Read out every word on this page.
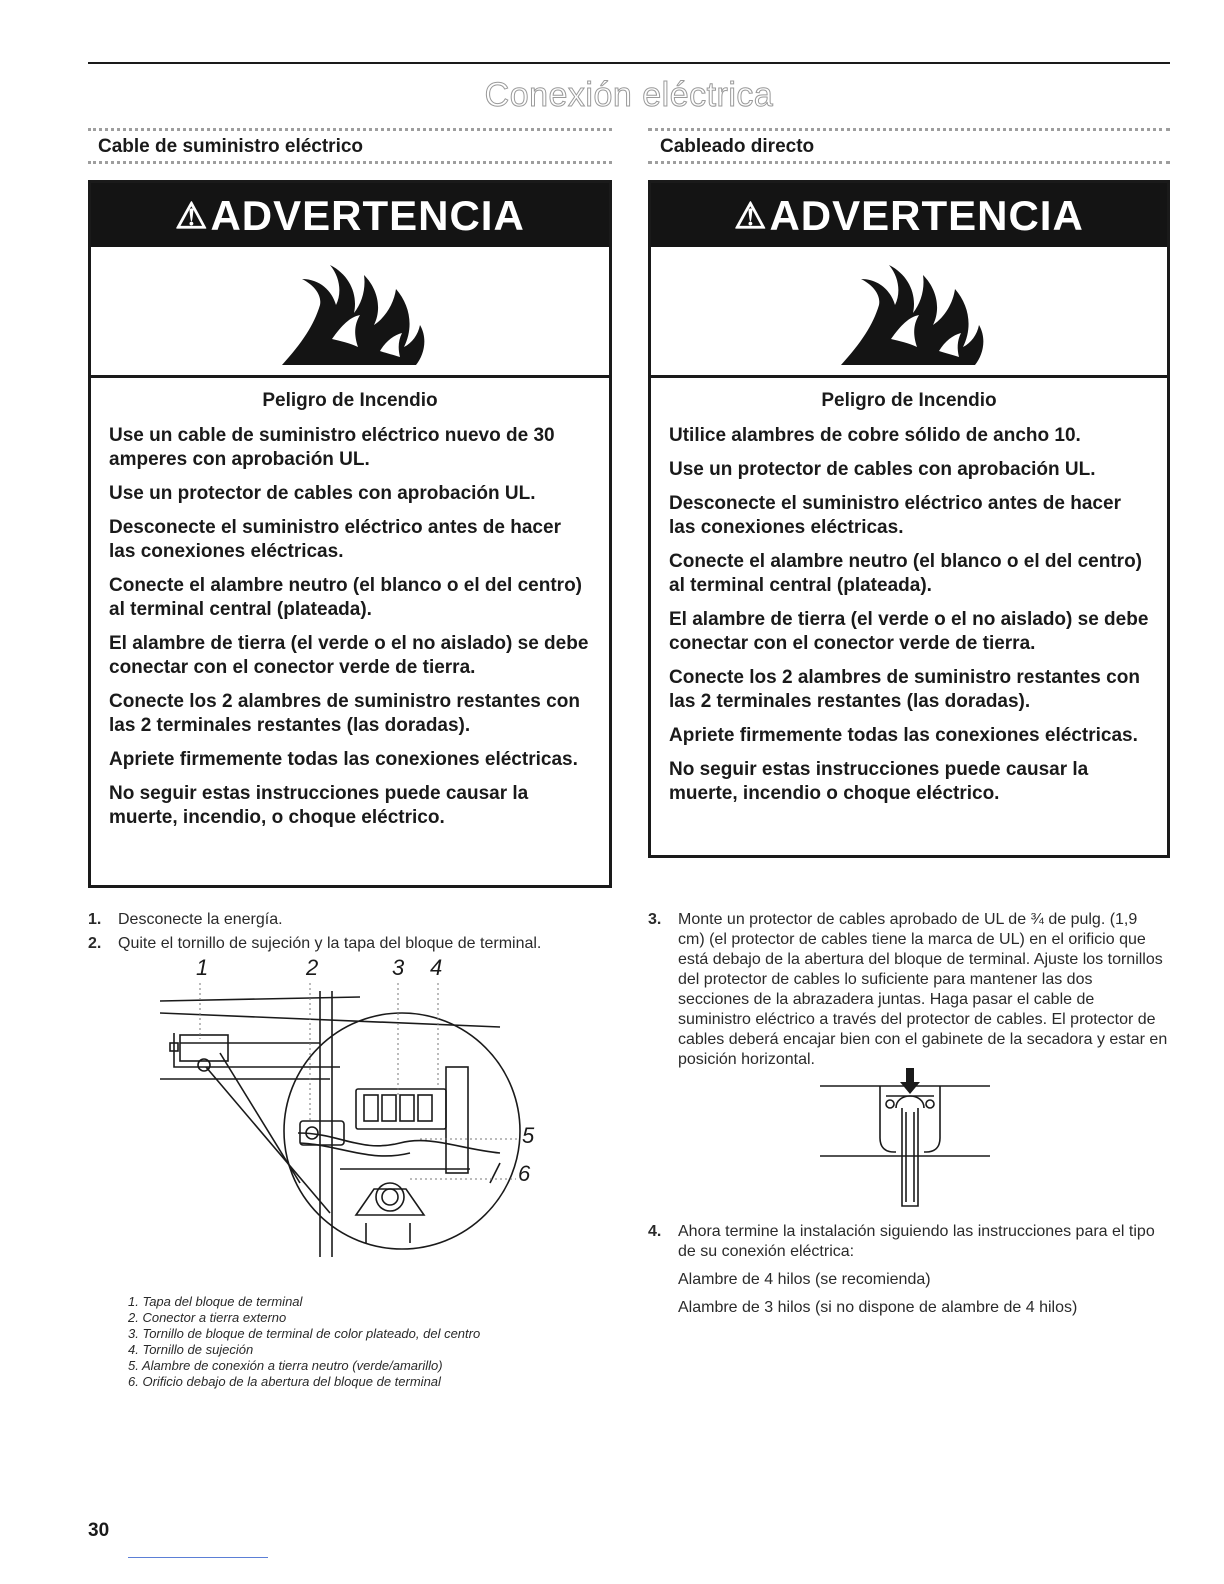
Conexión eléctrica
Cable de suministro eléctrico	Cableado directo
⚠ADVERTENCIA
Peligro de Incendio
Use un cable de suministro eléctrico nuevo de 30 amperes con aprobación UL.
Use un protector de cables con aprobación UL.
Desconecte el suministro eléctrico antes de hacer las conexiones eléctricas.
Conecte el alambre neutro (el blanco o el del centro) al terminal central (plateada).
El alambre de tierra (el verde o el no aislado) se debe conectar con el conector verde de tierra.
Conecte los 2 alambres de suministro restantes con las 2 terminales restantes (las doradas).
Apriete firmemente todas las conexiones eléctricas.
No seguir estas instrucciones puede causar la muerte, incendio, o choque eléctrico.
⚠ADVERTENCIA
Peligro de Incendio
Utilice alambres de cobre sólido de ancho 10.
Use un protector de cables con aprobación UL.
Desconecte el suministro eléctrico antes de hacer las conexiones eléctricas.
Conecte el alambre neutro (el blanco o el del centro) al terminal central (plateada).
El alambre de tierra (el verde o el no aislado) se debe conectar con el conector verde de tierra.
Conecte los 2 alambres de suministro restantes con las 2 terminales restantes (las doradas).
Apriete firmemente todas las conexiones eléctricas.
No seguir estas instrucciones puede causar la muerte, incendio o choque eléctrico.
1. Desconecte la energía.
2. Quite el tornillo de sujeción y la tapa del bloque de terminal.
1	2	3 4
5
6
1. Tapa del bloque de terminal
2. Conector a tierra externo
3. Tornillo de bloque de terminal de color plateado, del centro
4. Tornillo de sujeción
5. Alambre de conexión a tierra neutro (verde/amarillo)
6. Orificio debajo de la abertura del bloque de terminal
3. Monte un protector de cables aprobado de UL de ¾ de pulg. (1,9 cm) (el protector de cables tiene la marca de UL) en el orificio que está debajo de la abertura del bloque de terminal. Ajuste los tornillos del protector de cables lo suficiente para mantener las dos secciones de la abrazadera juntas. Haga pasar el cable de suministro eléctrico a través del protector de cables. El protector de cables deberá encajar bien con el gabinete de la secadora y estar en posición horizontal.
4. Ahora termine la instalación siguiendo las instrucciones para el tipo de su conexión eléctrica:
Alambre de 4 hilos (se recomienda)
Alambre de 3 hilos (si no dispone de alambre de 4 hilos)
30
